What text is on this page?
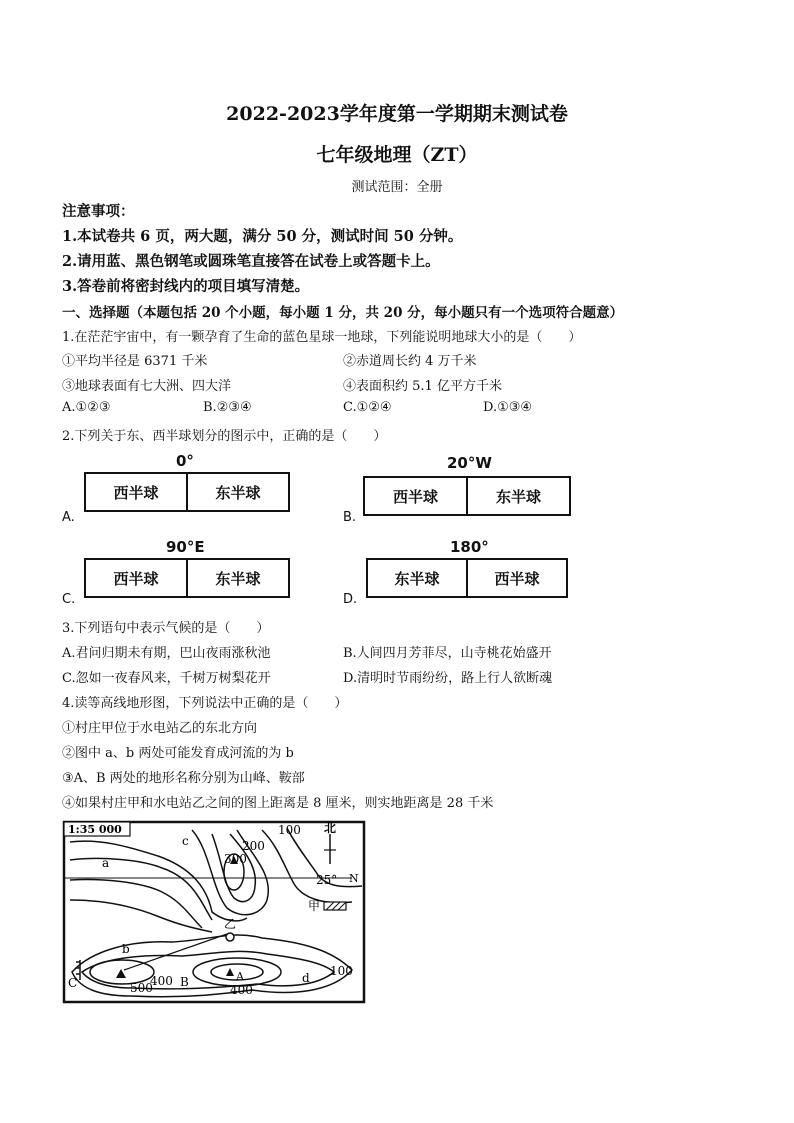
2022-2023学年度第一学期期末测试卷
七年级地理（ZT）
测试范围：全册
注意事项：
1.本试卷共 6 页，两大题，满分 50 分，测试时间 50 分钟。
2.请用蓝、黑色钢笔或圆珠笔直接答在试卷上或答题卡上。
3.答卷前将密封线内的项目填写清楚。
一、选择题（本题包括 20 个小题，每小题 1 分，共 20 分，每小题只有一个选项符合题意）
1.在茫茫宇宙中，有一颗孕育了生命的蓝色星球一地球，下列能说明地球大小的是（　　）
①平均半径是 6371 千米	②赤道周长约 4 万千米
③地球表面有七大洲、四大洋	④表面积约 5.1 亿平方千米
A.①②③	B.②③④	C.①②④	D.①③④
2.下列关于东、西半球划分的图示中，正确的是（　　）
A.
0°
西半球	东半球
B.
20°W
西半球	东半球
C.
90°E
西半球	东半球
D.
180°
东半球	西半球
3.下列语句中表示气候的是（　　）
A.君问归期未有期，巴山夜雨涨秋池	B.人间四月芳菲尽，山寺桃花始盛开
C.忽如一夜春风来，千树万树梨花开	D.清明时节雨纷纷，路上行人欲断魂
4.读等高线地形图，下列说法中正确的是（　　）
①村庄甲位于水电站乙的东北方向
②图中 a、b 两处可能发育成河流的为 b
③A、B 两处的地形名称分别为山峰、鞍部
④如果村庄甲和水电站乙之间的图上距离是 8 厘米，则实地距离是 28 千米
1:35 000	100
200
300
400
400
500
100
a
b
c
d
C	B	A
北
25° N
甲
乙
